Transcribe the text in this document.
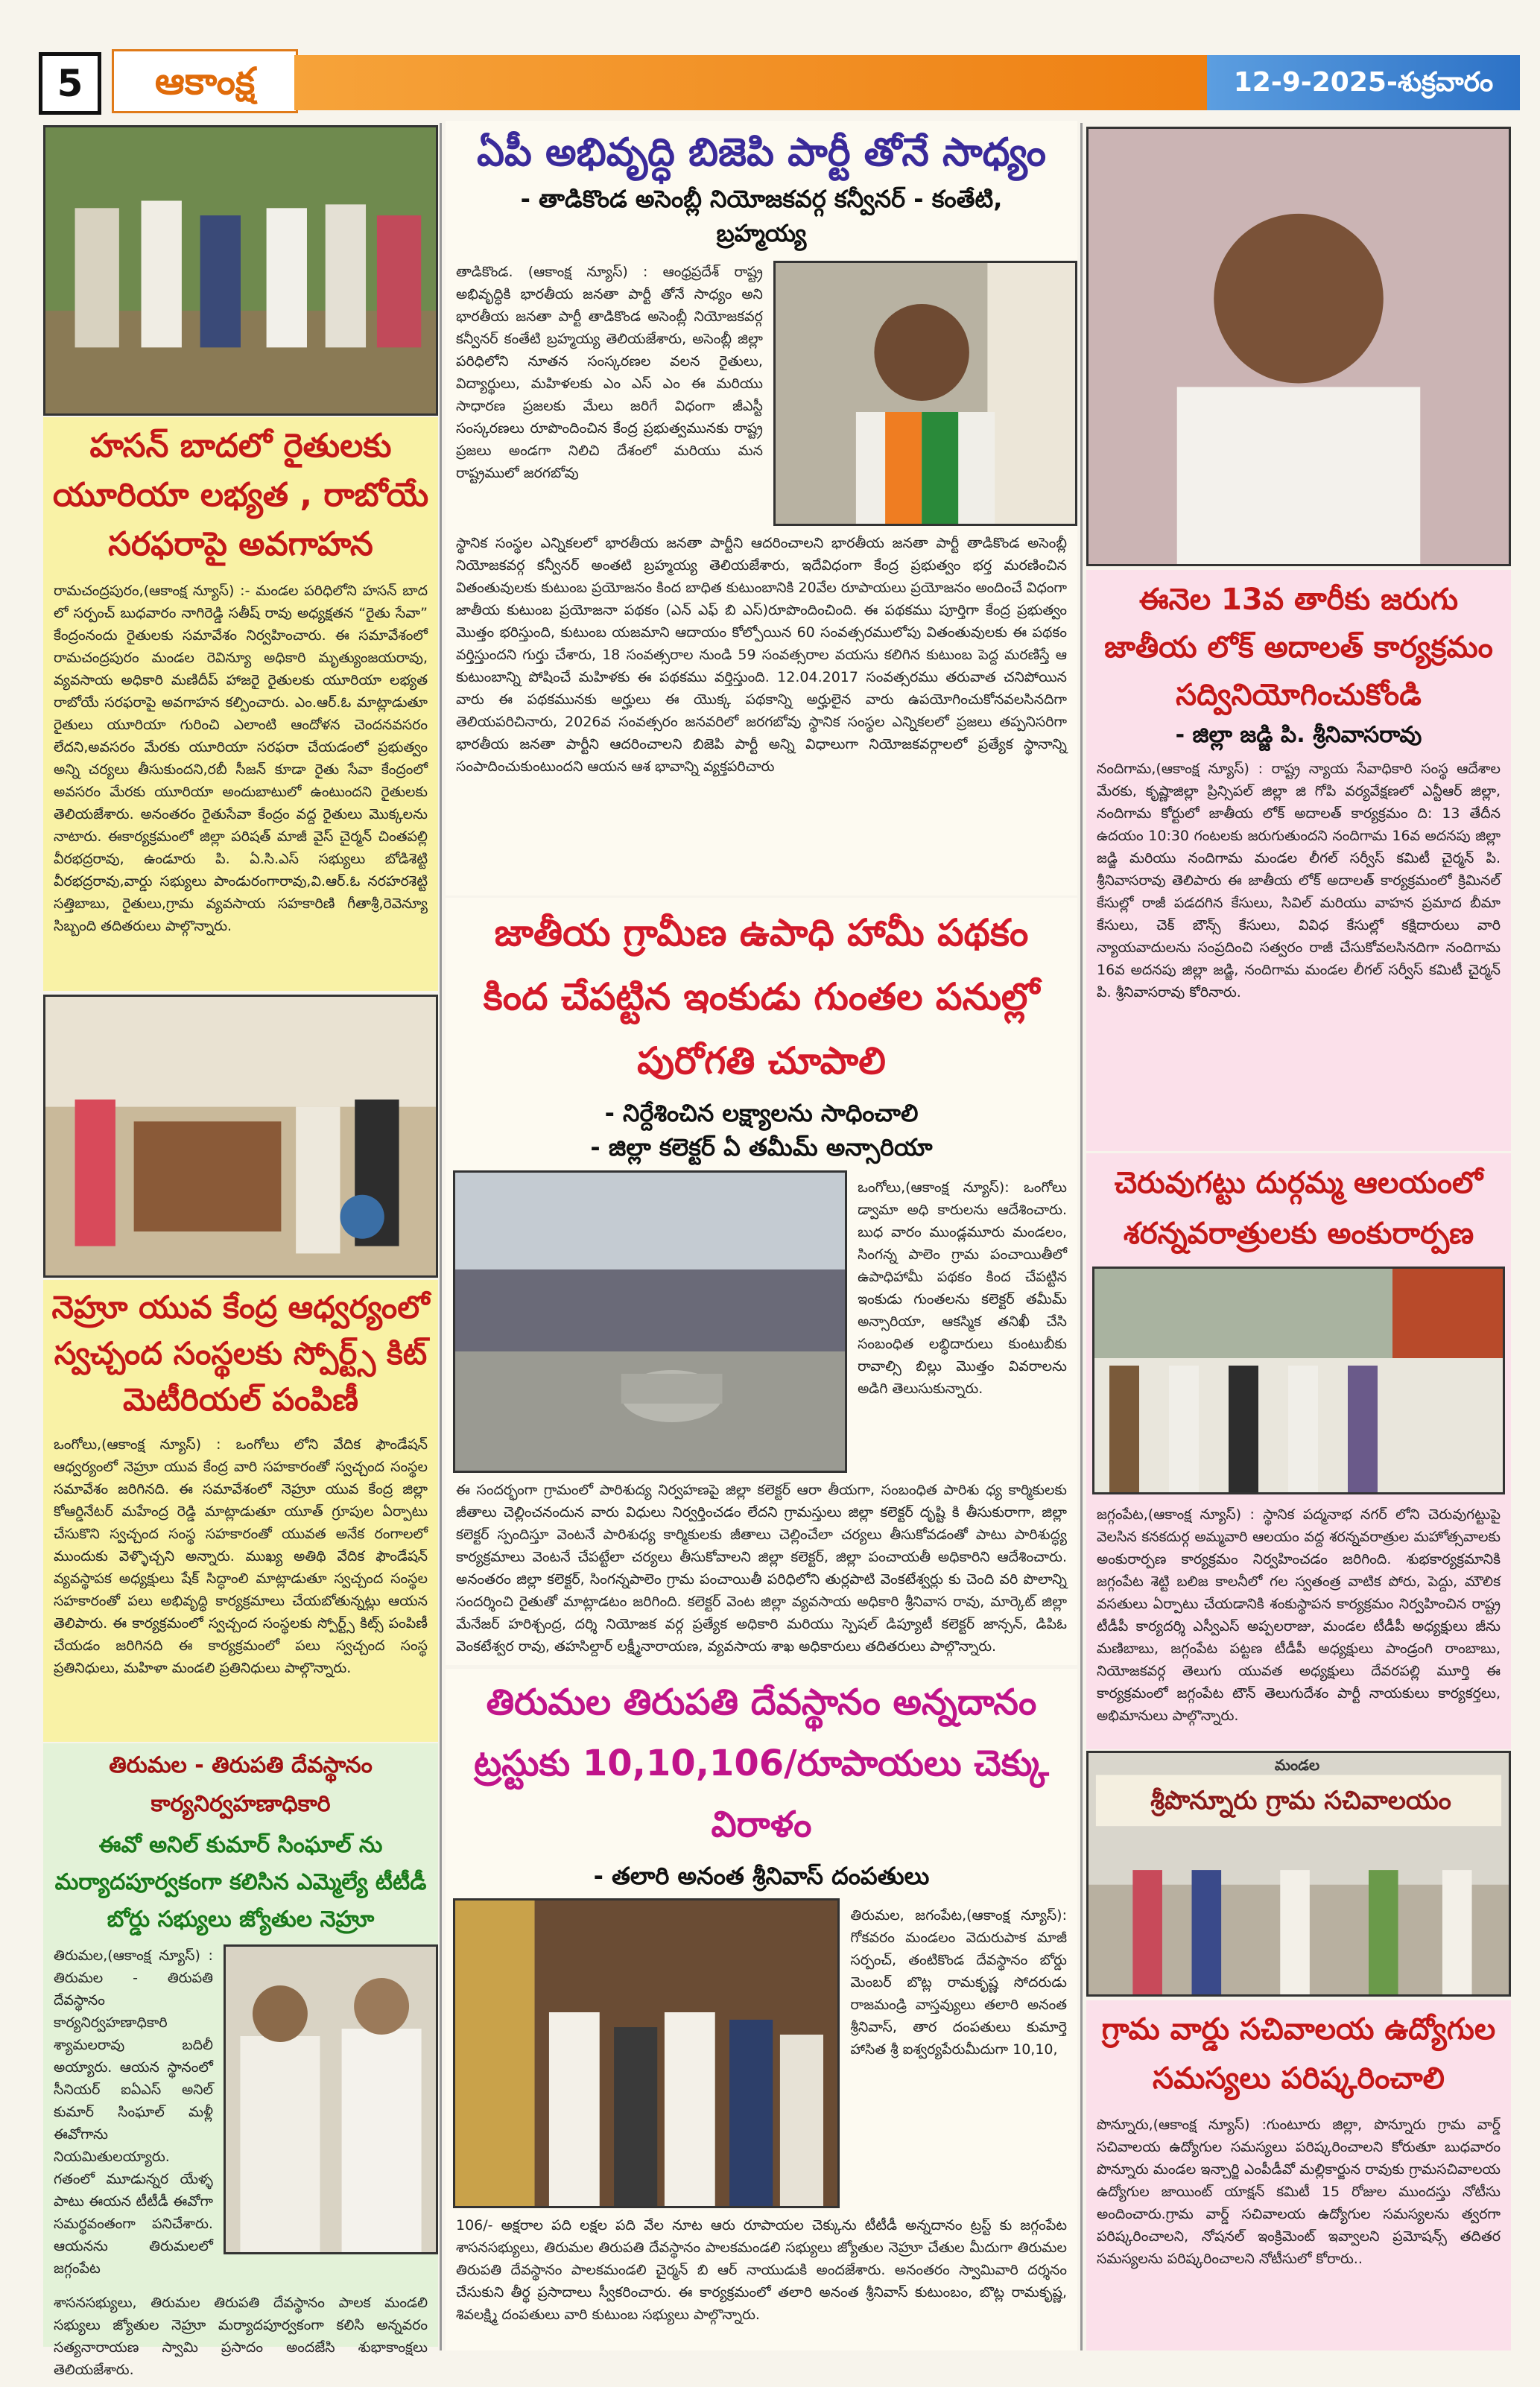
5	ఆకాంక్ష	12-9-2025-శుక్రవారం
హసన్ బాదలో రైతులకు యూరియా లభ్యత , రాబోయే సరఫరాపై అవగాహన

రామచంద్రపురం,(ఆకాంక్ష న్యూస్) :- మండల పరిధిలోని హసన్ బాద లో సర్పంచ్ బుధవారం నాగిరెడ్డి సతీష్ రావు అధ్యక్షతన “రైతు సేవా” కేంద్రంనందు రైతులకు సమావేశం నిర్వహించారు. ఈ సమావేశంలో రామచంద్రపురం మండల రెవిన్యూ అధికారి మృత్యుంజయరావు, వ్యవసాయ అధికారి మణిదీప్ హాజరై రైతులకు యూరియా లభ్యత రాబోయే సరఫరాపై అవగాహన కల్పించారు. ఎం.ఆర్.ఓ మాట్లాడుతూ రైతులు యూరియా గురించి ఎలాంటి ఆందోళన చెందనవసరం లేదని,అవసరం మేరకు యూరియా సరఫరా చేయడంలో ప్రభుత్వం అన్ని చర్యలు తీసుకుందని,రబీ సీజన్ కూడా రైతు సేవా కేంద్రంలో అవసరం మేరకు యూరియా అందుబాటులో ఉంటుందని రైతులకు తెలియజేశారు. అనంతరం రైతుసేవా కేంద్రం వద్ద రైతులు మొక్కలను నాటారు. ఈకార్యక్రమంలో జిల్లా పరిషత్ మాజీ వైస్ చైర్మన్ చింతపల్లి వీరభద్రరావు, ఉండూరు పి. ఏ.సి.ఎస్ సభ్యులు బోడిశెట్టి వీరభద్రరావు,వార్డు సభ్యులు పాండురంగారావు,వి.ఆర్.ఓ నరహరశెట్టి సత్తిబాబు, రైతులు,గ్రామ వ్యవసాయ సహకారిణి గీతాశ్రీ,రెవెన్యూ సిబ్బంది తదితరులు పాల్గొన్నారు.

నెహ్రూ యువ కేంద్ర ఆధ్వర్యంలో స్వచ్చంద సంస్థలకు స్పోర్ట్స్ కిట్ మెటీరియల్ పంపిణీ

ఒంగోలు,(ఆకాంక్ష న్యూస్) : ఒంగోలు లోని వేదిక ఫౌండేషన్ ఆధ్వర్యంలో నెహ్రూ యువ కేంద్ర వారి సహకారంతో స్వచ్చంద సంస్థల సమావేశం జరిగినది. ఈ సమావేశంలో నెహ్రూ యువ కేంద్ర జిల్లా కోఆర్డినేటర్ మహేంద్ర రెడ్డి మాట్లాడుతూ యూత్ గ్రూపుల ఏర్పాటు చేసుకొని స్వచ్చంద సంస్థ సహకారంతో యువత అనేక రంగాలలో ముందుకు వెళ్ళొచ్చని అన్నారు. ముఖ్య అతిథి వేదిక ఫౌండేషన్ వ్యవస్థాపక అధ్యక్షులు షేక్ సిద్ధాంలి మాట్లాడుతూ స్వచ్చంద సంస్థల సహకారంతో పలు అభివృద్ధి కార్యక్రమాలు చేయబోతున్నట్లు ఆయన తెలిపారు. ఈ కార్యక్రమంలో స్వచ్చంద సంస్థలకు స్పోర్ట్స్ కిట్స్ పంపిణీ చేయడం జరిగినది ఈ కార్యక్రమంలో పలు స్వచ్చంద సంస్థ ప్రతినిధులు, మహిళా మండలి ప్రతినిధులు పాల్గొన్నారు.

తిరుమల - తిరుపతి దేవస్థానం కార్యనిర్వహణాధికారి
ఈవో అనిల్ కుమార్ సింఘాల్ ను మర్యాదపూర్వకంగా కలిసిన ఎమ్మెల్యే టీటీడీ బోర్డు సభ్యులు జ్యోతుల నెహ్రూ

తిరుమల,(ఆకాంక్ష న్యూస్) : తిరుమల - తిరుపతి దేవస్థానం కార్యనిర్వహణాధికారి శ్యామలరావు బదిలీ అయ్యారు. ఆయన స్థానంలో సీనియర్ ఐఏఎస్ అనిల్ కుమార్ సింఘాల్ మళ్లీ ఈవోగాను నియమితులయ్యారు. గతంలో మూడున్నర యేళ్ళ పాటు ఈయన టీటీడీ ఈవోగా సమర్థవంతంగా పనిచేశారు. ఆయనను తిరుమలలో జగ్గంపేట

శాసనసభ్యులు, తిరుమల తిరుపతి దేవస్థానం పాలక మండలి సభ్యులు జ్యోతుల నెహ్రూ మర్యాదపూర్వకంగా కలిసి అన్నవరం సత్యనారాయణ స్వామి ప్రసాదం అందజేసి శుభాకాంక్షలు తెలియజేశారు.

ఏపీ అభివృద్ధి బిజెపి పార్టీ తోనే సాధ్యం
- తాడికొండ అసెంబ్లీ నియోజకవర్గ కన్వీనర్ - కంతేటి, బ్రహ్మయ్య

తాడికొండ. (ఆకాంక్ష న్యూస్) : ఆంధ్రప్రదేశ్ రాష్ట్ర అభివృద్ధికి భారతీయ జనతా పార్టీ తోనే సాధ్యం అని భారతీయ జనతా పార్టీ తాడికొండ అసెంబ్లీ నియోజకవర్గ కన్వీనర్ కంతేటి బ్రహ్మయ్య తెలియజేశారు, అసెంబ్లీ జిల్లా పరిధిలోని నూతన సంస్కరణల వలన రైతులు, విద్యార్థులు, మహిళలకు ఎం ఎస్ ఎం ఈ మరియు సాధారణ ప్రజలకు మేలు జరిగే విధంగా జీఎస్టీ సంస్కరణలు రూపొందించిన కేంద్ర ప్రభుత్వమునకు రాష్ట్ర ప్రజలు అండగా నిలిచి దేశంలో మరియు మన రాష్ట్రములో జరగబోవు

స్థానిక సంస్థల ఎన్నికలలో భారతీయ జనతా పార్టీని ఆదరించాలని భారతీయ జనతా పార్టీ తాడికొండ అసెంబ్లీ నియోజకవర్గ కన్వీనర్ అంతటి బ్రహ్మయ్య తెలియజేశారు, ఇదేవిధంగా కేంద్ర ప్రభుత్వం భర్త మరణించిన వితంతువులకు కుటుంబ ప్రయోజనం కింద బాధిత కుటుంబానికి 20వేల రూపాయలు ప్రయోజనం అందించే విధంగా జాతీయ కుటుంబ ప్రయోజనా పథకం (ఎన్ ఎఫ్ బి ఎస్)రూపొందించింది. ఈ పథకము పూర్తిగా కేంద్ర ప్రభుత్వం మొత్తం భరిస్తుంది, కుటుంబ యజమాని ఆదాయం కోల్పోయిన 60 సంవత్సరములోపు వితంతువులకు ఈ పథకం వర్తిస్తుందని గుర్తు చేశారు, 18 సంవత్సరాల నుండి 59 సంవత్సరాల వయసు కలిగిన కుటుంబ పెద్ద మరణిస్తే ఆ కుటుంబాన్ని పోషించే మహిళకు ఈ పథకము వర్తిస్తుంది. 12.04.2017 సంవత్సరము తరువాత చనిపోయిన వారు ఈ పథకమునకు అర్హులు ఈ యొక్క పథకాన్ని అర్హులైన వారు ఉపయోగించుకోనవలసినదిగా తెలియపరిచినారు, 2026వ సంవత్సరం జనవరిలో జరగబోవు స్థానిక సంస్థల ఎన్నికలలో ప్రజలు తప్పనిసరిగా భారతీయ జనతా పార్టీని ఆదరించాలని బిజెపి పార్టీ అన్ని విధాలుగా నియోజకవర్గాలలో ప్రత్యేక స్థానాన్ని సంపాదించుకుంటుందని ఆయన ఆశ భావాన్ని వ్యక్తపరిచారు

జాతీయ గ్రామీణ ఉపాధి హామీ పథకం కింద చేపట్టిన ఇంకుడు గుంతల పనుల్లో పురోగతి చూపాలి
- నిర్దేశించిన లక్ష్యాలను సాధించాలి
- జిల్లా కలెక్టర్ ఏ తమీమ్ అన్సారియా

ఒంగోలు,(ఆకాంక్ష న్యూస్): ఒంగోలు డ్వామా అధి కారులను ఆదేశించారు. బుధ వారం ముండ్లమూరు మండలం, సింగన్న పాలెం గ్రామ పంచాయితీలో ఉపాధిహామీ పథకం కింద చేపట్టిన ఇంకుడు గుంతలను కలెక్టర్ తమీమ్ అన్సారియా, ఆకస్మిక తనిఖీ చేసి సంబంధిత లబ్ధిదారులు కుంటుబీకు రావాల్సి బిల్లు మొత్తం వివరాలను అడిగి తెలుసుకున్నారు.

ఈ సందర్భంగా గ్రామంలో పారిశుద్య నిర్వహణపై జిల్లా కలెక్టర్ ఆరా తీయగా, సంబంధిత పారిశు ధ్య కార్మికులకు జీతాలు చెల్లించనందున వారు విధులు నిర్వర్తించడం లేదని గ్రామస్తులు జిల్లా కలెక్టర్ దృష్టి కి తీసుకురాగా, జిల్లా కలెక్టర్ స్పందిస్తూ వెంటనే పారిశుధ్య కార్మికులకు జీతాలు చెల్లించేలా చర్యలు తీసుకోవడంతో పాటు పారిశుద్ధ్య కార్యక్రమాలు వెంటనే చేపట్టేలా చర్యలు తీసుకోవాలని జిల్లా కలెక్టర్, జిల్లా పంచాయతీ అధికారిని ఆదేశించారు. అనంతరం జిల్లా కలెక్టర్, సింగన్నపాలెం గ్రామ పంచాయితీ పరిధిలోని తుర్లపాటి వెంకటేశ్వర్లు కు చెంది వరి పొలాన్ని సందర్శించి రైతుతో మాట్లాడటం జరిగింది. కలెక్టర్ వెంట జిల్లా వ్యవసాయ అధికారి శ్రీనివాస రావు, మార్కెట్ జిల్లా మేనేజర్ హరిశ్చంద్ర, దర్శి నియోజక వర్గ ప్రత్యేక అధికారి మరియు స్పెషల్ డిప్యూటీ కలెక్టర్ జాన్సన్, డిపిఓ వెంకటేశ్వర రావు, తహసిల్దార్ లక్ష్మీనారాయణ, వ్యవసాయ శాఖ అధికారులు తదితరులు పాల్గొన్నారు.

తిరుమల తిరుపతి దేవస్థానం అన్నదానం ట్రస్టుకు 10,10,106/రూపాయలు చెక్కు విరాళం
- తలారి అనంత శ్రీనివాస్ దంపతులు

తిరుమల, జగంపేట,(ఆకాంక్ష న్యూస్): గోకవరం మండలం వెదురుపాక మాజీ సర్పంచ్, తంటికొండ దేవస్థానం బోర్డు మెంబర్ బొట్ల రామకృష్ణ సోదరుడు రాజమండ్రి వాస్తవ్యులు తలారి అనంత శ్రీనివాస్, తార దంపతులు కుమార్తె హాసిత శ్రీ ఐశ్వర్యపేరుమీదుగా 10,10,

106/- అక్షరాల పది లక్షల పది వేల నూట ఆరు రూపాయల చెక్కును టీటీడీ అన్నదానం ట్రస్ట్ కు జగ్గంపేట శాసనసభ్యులు, తిరుమల తిరుపతి దేవస్థానం పాలకమండలి సభ్యులు జ్యోతుల నెహ్రూ చేతుల మీదుగా తిరుమల తిరుపతి దేవస్థానం పాలకమండలి చైర్మన్ బి ఆర్ నాయుడుకి అందజేశారు. అనంతరం స్వామివారి దర్శనం చేసుకుని తీర్థ ప్రసాదాలు స్వీకరించారు. ఈ కార్యక్రమంలో తలారి అనంత శ్రీనివాస్ కుటుంబం, బొట్ల రామకృష్ణ, శివలక్ష్మి దంపతులు వారి కుటుంబ సభ్యులు పాల్గొన్నారు.

ఈనెల 13వ తారీకు జరుగు జాతీయ లోక్ అదాలత్ కార్యక్రమం సద్వినియోగించుకోండి
- జిల్లా జడ్జి పి. శ్రీనివాసరావు

నందిగామ,(ఆకాంక్ష న్యూస్) : రాష్ట్ర న్యాయ సేవాధికారి సంస్థ ఆదేశాల మేరకు, కృష్ణాజిల్లా ప్రిన్సిపల్ జిల్లా జి గోపి వర్యవేక్షణలో ఎన్టీఆర్ జిల్లా, నందిగామ కోర్టులో జాతీయ లోక్ అదాలత్ కార్యక్రమం ది: 13 తేదీన ఉదయం 10:30 గంటలకు జరుగుతుందని నందిగామ 16వ అదనపు జిల్లా జడ్జి మరియు నందిగామ మండల లీగల్ సర్వీస్ కమిటీ చైర్మన్ పి. శ్రీనివాసరావు తెలిపారు ఈ జాతీయ లోక్ అదాలత్ కార్యక్రమంలో క్రిమినల్ కేసుల్లో రాజీ పడదగిన కేసులు, సివిల్ మరియు వాహన ప్రమాద బీమా కేసులు, చెక్ బౌన్స్ కేసులు, వివిధ కేసుల్లో కక్షిదారులు వారి న్యాయవాదులను సంప్రదించి సత్వరం రాజీ చేసుకోవలసినదిగా నందిగామ 16వ అదనపు జిల్లా జడ్జి, నందిగామ మండల లీగల్ సర్వీస్ కమిటీ చైర్మన్ పి. శ్రీనివాసరావు కోరినారు.

చెరువుగట్టు దుర్గమ్మ ఆలయంలో శరన్నవరాత్రులకు అంకురార్పణ

జగ్గంపేట,(ఆకాంక్ష న్యూస్) : స్థానిక పద్మనాభ నగర్ లోని చెరువుగట్టుపై వెలసిన కనకదుర్గ అమ్మవారి ఆలయం వద్ద శరన్నవరాత్రుల మహోత్సవాలకు అంకురార్పణ కార్యక్రమం నిర్వహించడం జరిగింది. శుభకార్యక్రమానికి జగ్గంపేట శెట్టి బలిజ కాలనీలో గల స్వతంత్ర వాటిక పోరు, పెద్దు, మౌలిక వసతులు ఏర్పాటు చేయడానికి శంకుస్థాపన కార్యక్రమం నిర్వహించిన రాష్ట్ర టీడీపీ కార్యదర్శి ఎస్వీఎస్ అప్పలరాజు, మండల టీడీపీ అధ్యక్షులు జీను మణిబాబు, జగ్గంపేట పట్టణ టీడీపీ అధ్యక్షులు పాండ్రంగి రాంబాబు, నియోజకవర్గ తెలుగు యువత అధ్యక్షులు దేవరపల్లి మూర్తి ఈ కార్యక్రమంలో జగ్గంపేట టౌన్ తెలుగుదేశం పార్టీ నాయకులు కార్యకర్తలు, అభిమానులు పాల్గొన్నారు.

మండల
శ్రీపొన్నూరు గ్రామ సచివాలయం
గ్రామ వార్డు సచివాలయ ఉద్యోగుల సమస్యలు పరిష్కరించాలి

పొన్నూరు,(ఆకాంక్ష న్యూస్) :గుంటూరు జిల్లా, పొన్నూరు గ్రామ వార్డ్ సచివాలయ ఉద్యోగుల సమస్యలు పరిష్కరించాలని కోరుతూ బుధవారం పొన్నూరు మండల ఇన్చార్జి ఎంపీడీవో మల్లికార్జున రావుకు గ్రామసచివాలయ ఉద్యోగుల జాయింట్ యాక్షన్ కమిటీ 15 రోజుల ముందస్తు నోటీసు అందించారు.గ్రామ వార్డ్ సచివాలయ ఉద్యోగుల సమస్యలను త్వరగా పరిష్కరించాలని, నోషనల్ ఇంక్రిమెంట్ ఇవ్వాలని ప్రమోషన్స్ తదితర సమస్యలను పరిష్కరించాలని నోటీసులో కోరారు..
